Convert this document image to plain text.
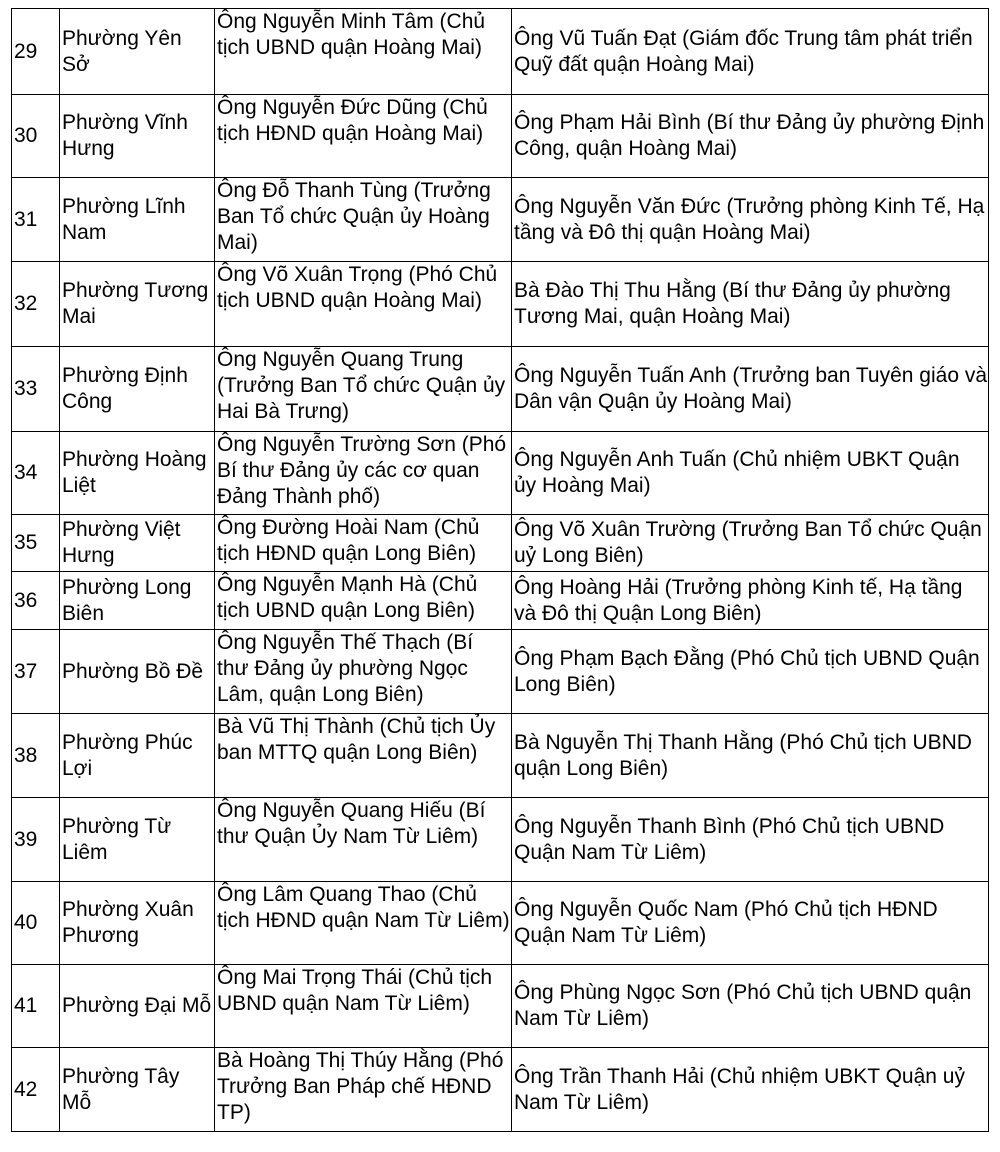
29	Phường Yên Sở	Ông Nguyễn Minh Tâm (Chủ tịch UBND quận Hoàng Mai)	Ông Vũ Tuấn Đạt (Giám đốc Trung tâm phát triển Quỹ đất quận Hoàng Mai)
30	Phường Vĩnh Hưng	Ông Nguyễn Đức Dũng (Chủ tịch HĐND quận Hoàng Mai)	Ông Phạm Hải Bình (Bí thư Đảng ủy phường Định Công, quận Hoàng Mai)
31	Phường Lĩnh Nam	Ông Đỗ Thanh Tùng (Trưởng Ban Tổ chức Quận ủy Hoàng Mai)	Ông Nguyễn Văn Đức (Trưởng phòng Kinh Tế, Hạ tầng và Đô thị quận Hoàng Mai)
32	Phường Tương Mai	Ông Võ Xuân Trọng (Phó Chủ tịch UBND quận Hoàng Mai)	Bà Đào Thị Thu Hằng (Bí thư Đảng ủy phường Tương Mai, quận Hoàng Mai)
33	Phường Định Công	Ông Nguyễn Quang Trung (Trưởng Ban Tổ chức Quận ủy Hai Bà Trưng)	Ông Nguyễn Tuấn Anh (Trưởng ban Tuyên giáo và Dân vận Quận ủy Hoàng Mai)
34	Phường Hoàng Liệt	Ông Nguyễn Trường Sơn (Phó Bí thư Đảng ủy các cơ quan Đảng Thành phố)	Ông Nguyễn Anh Tuấn (Chủ nhiệm UBKT Quận ủy Hoàng Mai)
35	Phường Việt Hưng	Ông Đường Hoài Nam (Chủ tịch HĐND quận Long Biên)	Ông Võ Xuân Trường (Trưởng Ban Tổ chức Quận uỷ Long Biên)
36	Phường Long Biên	Ông Nguyễn Mạnh Hà (Chủ tịch UBND quận Long Biên)	Ông Hoàng Hải (Trưởng phòng Kinh tế, Hạ tầng và Đô thị Quận Long Biên)
37	Phường Bồ Đề	Ông Nguyễn Thế Thạch (Bí thư Đảng ủy phường Ngọc Lâm, quận Long Biên)	Ông Phạm Bạch Đằng (Phó Chủ tịch UBND Quận Long Biên)
38	Phường Phúc Lợi	Bà Vũ Thị Thành (Chủ tịch Ủy ban MTTQ quận Long Biên)	Bà Nguyễn Thị Thanh Hằng (Phó Chủ tịch UBND quận Long Biên)
39	Phường Từ Liêm	Ông Nguyễn Quang Hiếu (Bí thư Quận Ủy Nam Từ Liêm)	Ông Nguyễn Thanh Bình (Phó Chủ tịch UBND Quận Nam Từ Liêm)
40	Phường Xuân Phương	Ông Lâm Quang Thao (Chủ tịch HĐND quận Nam Từ Liêm)	Ông Nguyễn Quốc Nam (Phó Chủ tịch HĐND Quận Nam Từ Liêm)
41	Phường Đại Mỗ	Ông Mai Trọng Thái (Chủ tịch UBND quận Nam Từ Liêm)	Ông Phùng Ngọc Sơn (Phó Chủ tịch UBND quận Nam Từ Liêm)
42	Phường Tây Mỗ	Bà Hoàng Thị Thúy Hằng (Phó Trưởng Ban Pháp chế HĐND TP)	Ông Trần Thanh Hải (Chủ nhiệm UBKT Quận uỷ Nam Từ Liêm)
